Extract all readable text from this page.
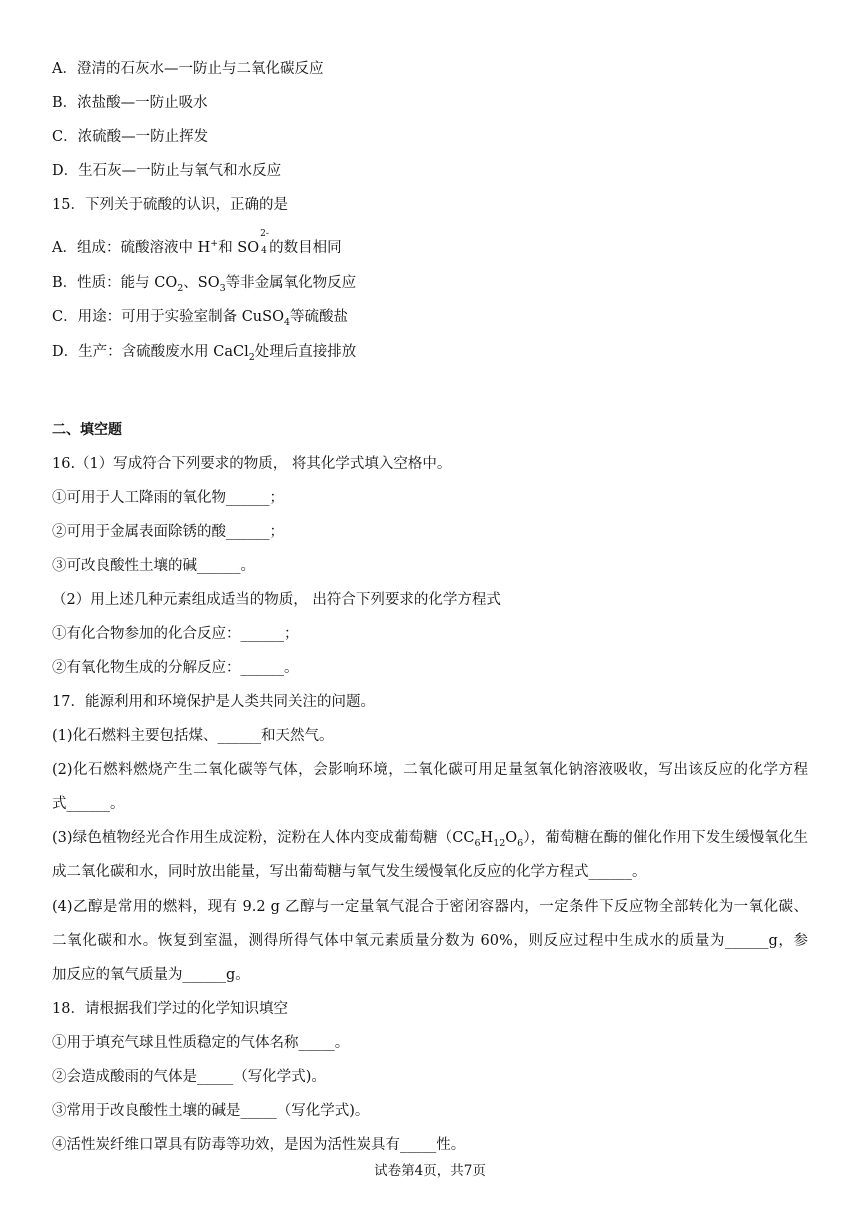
A．澄清的石灰水—一防止与二氧化碳反应
B．浓盐酸—一防止吸水
C．浓硫酸—一防止挥发
D．生石灰—一防止与氧气和水反应
15．下列关于硫酸的认识，正确的是
A．组成：硫酸溶液中 H+和 SO
2-
4 的数目相同
B．性质：能与 $CO_2$、$SO_3$等非金属氧化物反应
C．用途：可用于实验室制备 CuSO$_4$等硫酸盐
D．生产：含硫酸废水用 CaCl$_2$处理后直接排放
二、填空题
16.（1）写成符合下列要求的物质， 将其化学式填入空格中。
①可用于人工降雨的氧化物______；
②可用于金属表面除锈的酸______；
③可改良酸性土壤的碱______。
（2）用上述几种元素组成适当的物质， 出符合下列要求的化学方程式
①有化合物参加的化合反应：______；
②有氧化物生成的分解反应：______。
17．能源利用和环境保护是人类共同关注的问题。
(1)化石燃料主要包括煤、______和天然气。
(2)化石燃料燃烧产生二氧化碳等气体，会影响环境，二氧化碳可用足量氢氧化钠溶液吸收，写出该反应的化学方程
式______。
(3)绿色植物经光合作用生成淀粉，淀粉在人体内变成葡萄糖$(CC_6H_{12}O_6)$，葡萄糖在酶的催化作用下发生缓慢氧化生
成二氧化碳和水，同时放出能量，写出葡萄糖与氧气发生缓慢氧化反应的化学方程式______。
(4)乙醇是常用的燃料，现有 9.2 g 乙醇与一定量氧气混合于密闭容器内，一定条件下反应物全部转化为一氧化碳、
二氧化碳和水。恢复到室温，测得所得气体中氧元素质量分数为 60%，则反应过程中生成水的质量为______g，参
加反应的氧气质量为______g。
18．请根据我们学过的化学知识填空
①用于填充气球且性质稳定的气体名称_____。
②会造成酸雨的气体是_____（写化学式)。
③常用于改良酸性土壤的碱是_____（写化学式)。
④活性炭纤维口罩具有防毒等功效，是因为活性炭具有_____性。
试卷第4页，共7页
